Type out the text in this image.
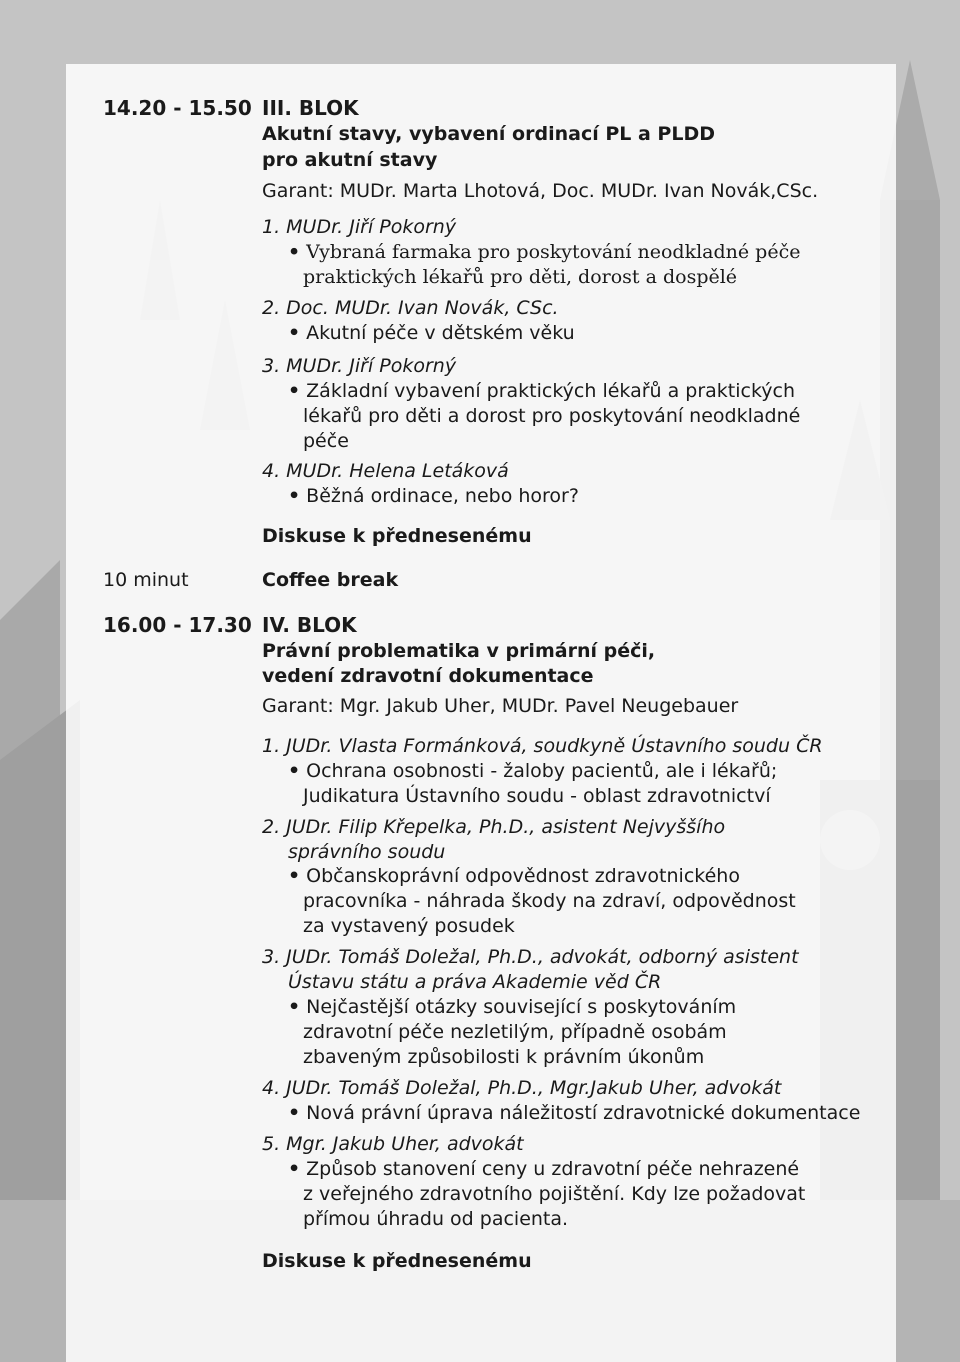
14.20 - 15.50 III. BLOK
Akutní stavy, vybavení ordinací PL a PLDD
pro akutní stavy
Garant: MUDr. Marta Lhotová, Doc. MUDr. Ivan Novák,CSc.
1. MUDr. Jiří Pokorný
• Vybraná farmaka pro poskytování neodkladné péče
praktických lékařů pro děti, dorost a dospělé
2. Doc. MUDr. Ivan Novák, CSc.
• Akutní péče v dětském věku
3. MUDr. Jiří Pokorný
• Základní vybavení praktických lékařů a praktických
lékařů pro děti a dorost pro poskytování neodkladné
péče
4. MUDr. Helena Letáková
• Běžná ordinace, nebo horor?
Diskuse k přednesenému
10 minut	Coffee break
16.00 - 17.30 IV. BLOK
Právní problematika v primární péči,
vedení zdravotní dokumentace
Garant: Mgr. Jakub Uher, MUDr. Pavel Neugebauer
1. JUDr. Vlasta Formánková, soudkyně Ústavního soudu ČR
• Ochrana osobnosti - žaloby pacientů, ale i lékařů;
Judikatura Ústavního soudu - oblast zdravotnictví
2. JUDr. Filip Křepelka, Ph.D., asistent Nejvyššího
správního soudu
• Občanskoprávní odpovědnost zdravotnického
pracovníka - náhrada škody na zdraví, odpovědnost
za vystavený posudek
3. JUDr. Tomáš Doležal, Ph.D., advokát, odborný asistent
Ústavu státu a práva Akademie věd ČR
• Nejčastější otázky související s poskytováním
zdravotní péče nezletilým, případně osobám
zbaveným způsobilosti k právním úkonům
4. JUDr. Tomáš Doležal, Ph.D., Mgr.Jakub Uher, advokát
• Nová právní úprava náležitostí zdravotnické dokumentace
5. Mgr. Jakub Uher, advokát
• Způsob stanovení ceny u zdravotní péče nehrazené
z veřejného zdravotního pojištění. Kdy lze požadovat
přímou úhradu od pacienta.
Diskuse k přednesenému
